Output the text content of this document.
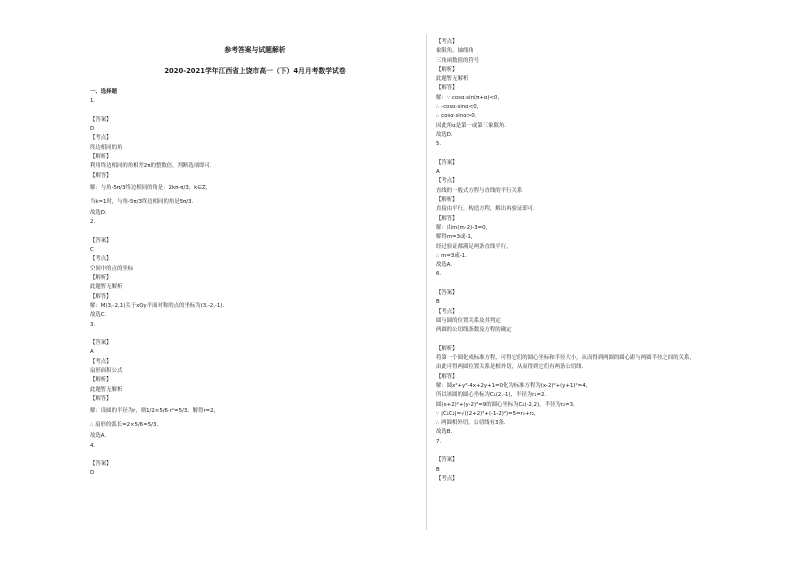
参考答案与试题解析
2020-2021学年江西省上饶市高一（下）4月月考数学试卷
一、选择题
1.
【答案】
D
【考点】
终边相同的角
【解析】
利用终边相同的角相差2π的整数倍，判断选项即可.
【解答】
解：与角-5π/3终边相同的角是：2kπ-π/3，k∈Z，
当k=1时，与角-5π/3终边相同的角是5π/3.
故选D.
2.
【答案】
C
【考点】
空间中的点的坐标
【解析】
此题暂无解析
【解答】
解：M(3,-2,1)关于xOy平面对称的点的坐标为(3,-2,-1).
故选C.
3.
【答案】
A
【考点】
扇形面积公式
【解析】
此题暂无解析
【解答】
解：设圆的半径为r，则1/2×5/6·r²=5/3，解得r=2，
∴ 扇形的弧长=2×5/6=5/3.
故选A.
4.
【答案】
D
【考点】
象限角、轴线角
三角函数值的符号
【解析】
此题暂无解析
【解答】
解：∵ cosα·sin(π+α)<0，
∴ -cosα·sinα<0，
∴ cosα·sinα>0.
因此角α是第一或第三象限角.
故选D.
5.
【答案】
A
【考点】
直线的一般式方程与直线的平行关系
【解析】
直接由平行，构造方程，解出再验证即可.
【解答】
解：由m(m-2)-3=0，
解得m=3或-1，
经过验证都满足两条直线平行，
∴ m=3或-1.
故选A.
6.
【答案】
B
【考点】
圆与圆的位置关系及其判定
两圆的公切线条数及方程的确定
【解析】
将第一个圆化成标准方程，可得它们的圆心坐标和半径大小，从而得到两圆的圆心距与两圆半径之间的关系，
由此可得两圆位置关系是相外切，从而得到它们有两条公切线.
【解答】
解：圆x²+y²-4x+2y+1=0化为标准方程为(x-2)²+(y+1)²=4，
所以该圆的圆心坐标为C₁(2,-1)，半径为r₁=2.
圆(x+2)²+(y-2)²=9的圆心坐标为C₂(-2,2)，半径为r₂=3.
∵ |C₁C₂|=√((2+2)²+(-1-2)²)=5=r₁+r₂，
∴ 两圆相外切，公切线有3条.
故选B.
7.
【答案】
B
【考点】
